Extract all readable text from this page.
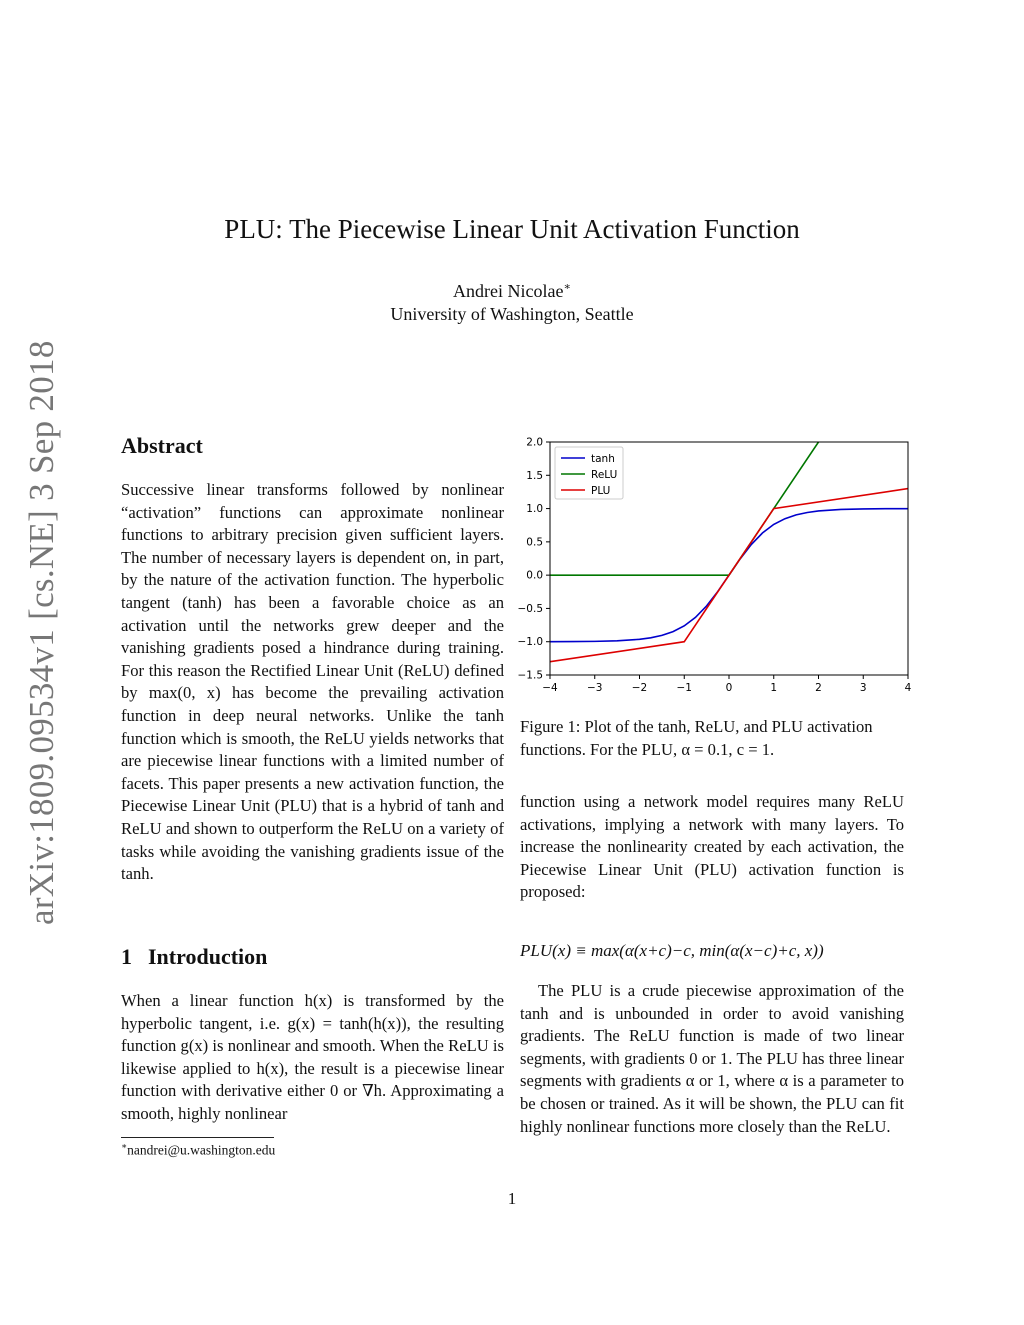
arXiv:1809.09534v1 [cs.NE] 3 Sep 2018
PLU: The Piecewise Linear Unit Activation Function
Andrei Nicolae∗
University of Washington, Seattle
Abstract
Successive linear transforms followed by nonlinear “activation” functions can approximate nonlinear functions to arbitrary precision given sufficient layers. The number of necessary layers is dependent on, in part, by the nature of the activation function. The hyperbolic tangent (tanh) has been a favorable choice as an activation until the networks grew deeper and the vanishing gradients posed a hindrance during training. For this reason the Rectified Linear Unit (ReLU) defined by max(0, x) has become the prevailing activation function in deep neural networks. Unlike the tanh function which is smooth, the ReLU yields networks that are piecewise linear functions with a limited number of facets. This paper presents a new activation function, the Piecewise Linear Unit (PLU) that is a hybrid of tanh and ReLU and shown to outperform the ReLU on a variety of tasks while avoiding the vanishing gradients issue of the tanh.
1 Introduction
When a linear function h(x) is transformed by the hyperbolic tangent, i.e. g(x) = tanh(h(x)), the resulting function g(x) is nonlinear and smooth. When the ReLU is likewise applied to h(x), the result is a piecewise linear function with derivative either 0 or ∇h. Approximating a smooth, highly nonlinear
∗nandrei@u.washington.edu
−4	−3	−2	−1	0	1	2	3	4
−1.5
−1.0
−0.5
0.0
0.5
1.0
1.5
2.0
tanh
ReLU
PLU
Figure 1: Plot of the tanh, ReLU, and PLU activation functions. For the PLU, α = 0.1, c = 1.
function using a network model requires many ReLU activations, implying a network with many layers. To increase the nonlinearity created by each activation, the Piecewise Linear Unit (PLU) activation function is proposed:
PLU(x) ≡ max(α(x+c)−c, min(α(x−c)+c, x))
The PLU is a crude piecewise approximation of the tanh and is unbounded in order to avoid vanishing gradients. The ReLU function is made of two linear segments, with gradients 0 or 1. The PLU has three linear segments with gradients α or 1, where α is a parameter to be chosen or trained. As it will be shown, the PLU can fit highly nonlinear functions more closely than the ReLU.
1
